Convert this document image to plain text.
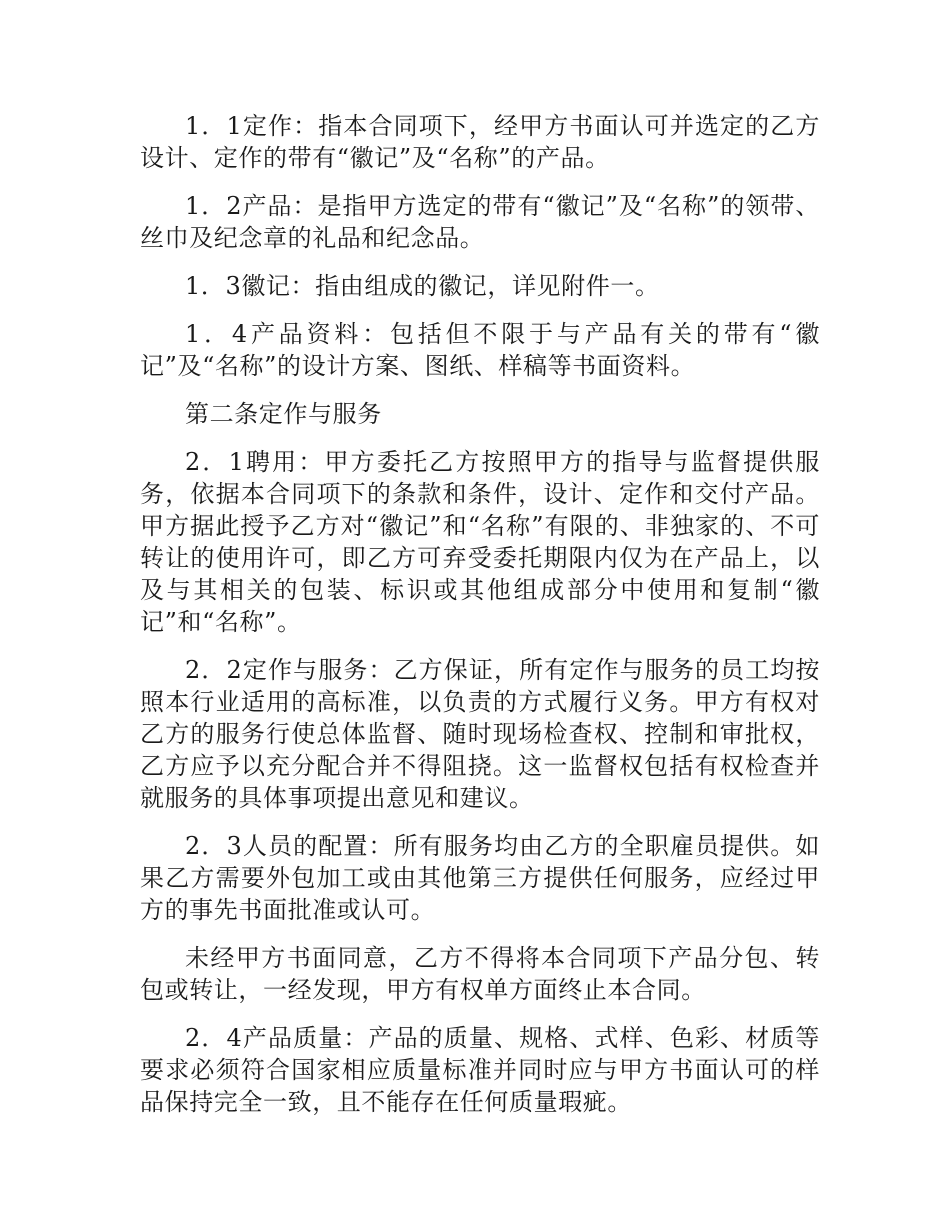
1．1定作：指本合同项下，经甲方书面认可并选定的乙方设计、定作的带有“徽记”及“名称”的产品。

1．2产品：是指甲方选定的带有“徽记”及“名称”的领带、丝巾及纪念章的礼品和纪念品。

1．3徽记：指由组成的徽记，详见附件一。

1．4产品资料：包括但不限于与产品有关的带有“徽记”及“名称”的设计方案、图纸、样稿等书面资料。

第二条定作与服务

2．1聘用：甲方委托乙方按照甲方的指导与监督提供服务，依据本合同项下的条款和条件，设计、定作和交付产品。甲方据此授予乙方对“徽记”和“名称”有限的、非独家的、不可转让的使用许可，即乙方可弃受委托期限内仅为在产品上，以及与其相关的包装、标识或其他组成部分中使用和复制“徽记”和“名称”。

2．2定作与服务：乙方保证，所有定作与服务的员工均按照本行业适用的高标准，以负责的方式履行义务。甲方有权对乙方的服务行使总体监督、随时现场检查权、控制和审批权，乙方应予以充分配合并不得阻挠。这一监督权包括有权检查并就服务的具体事项提出意见和建议。

2．3人员的配置：所有服务均由乙方的全职雇员提供。如果乙方需要外包加工或由其他第三方提供任何服务，应经过甲方的事先书面批准或认可。

未经甲方书面同意，乙方不得将本合同项下产品分包、转包或转让，一经发现，甲方有权单方面终止本合同。

2．4产品质量：产品的质量、规格、式样、色彩、材质等要求必须符合国家相应质量标准并同时应与甲方书面认可的样品保持完全一致，且不能存在任何质量瑕疵。
